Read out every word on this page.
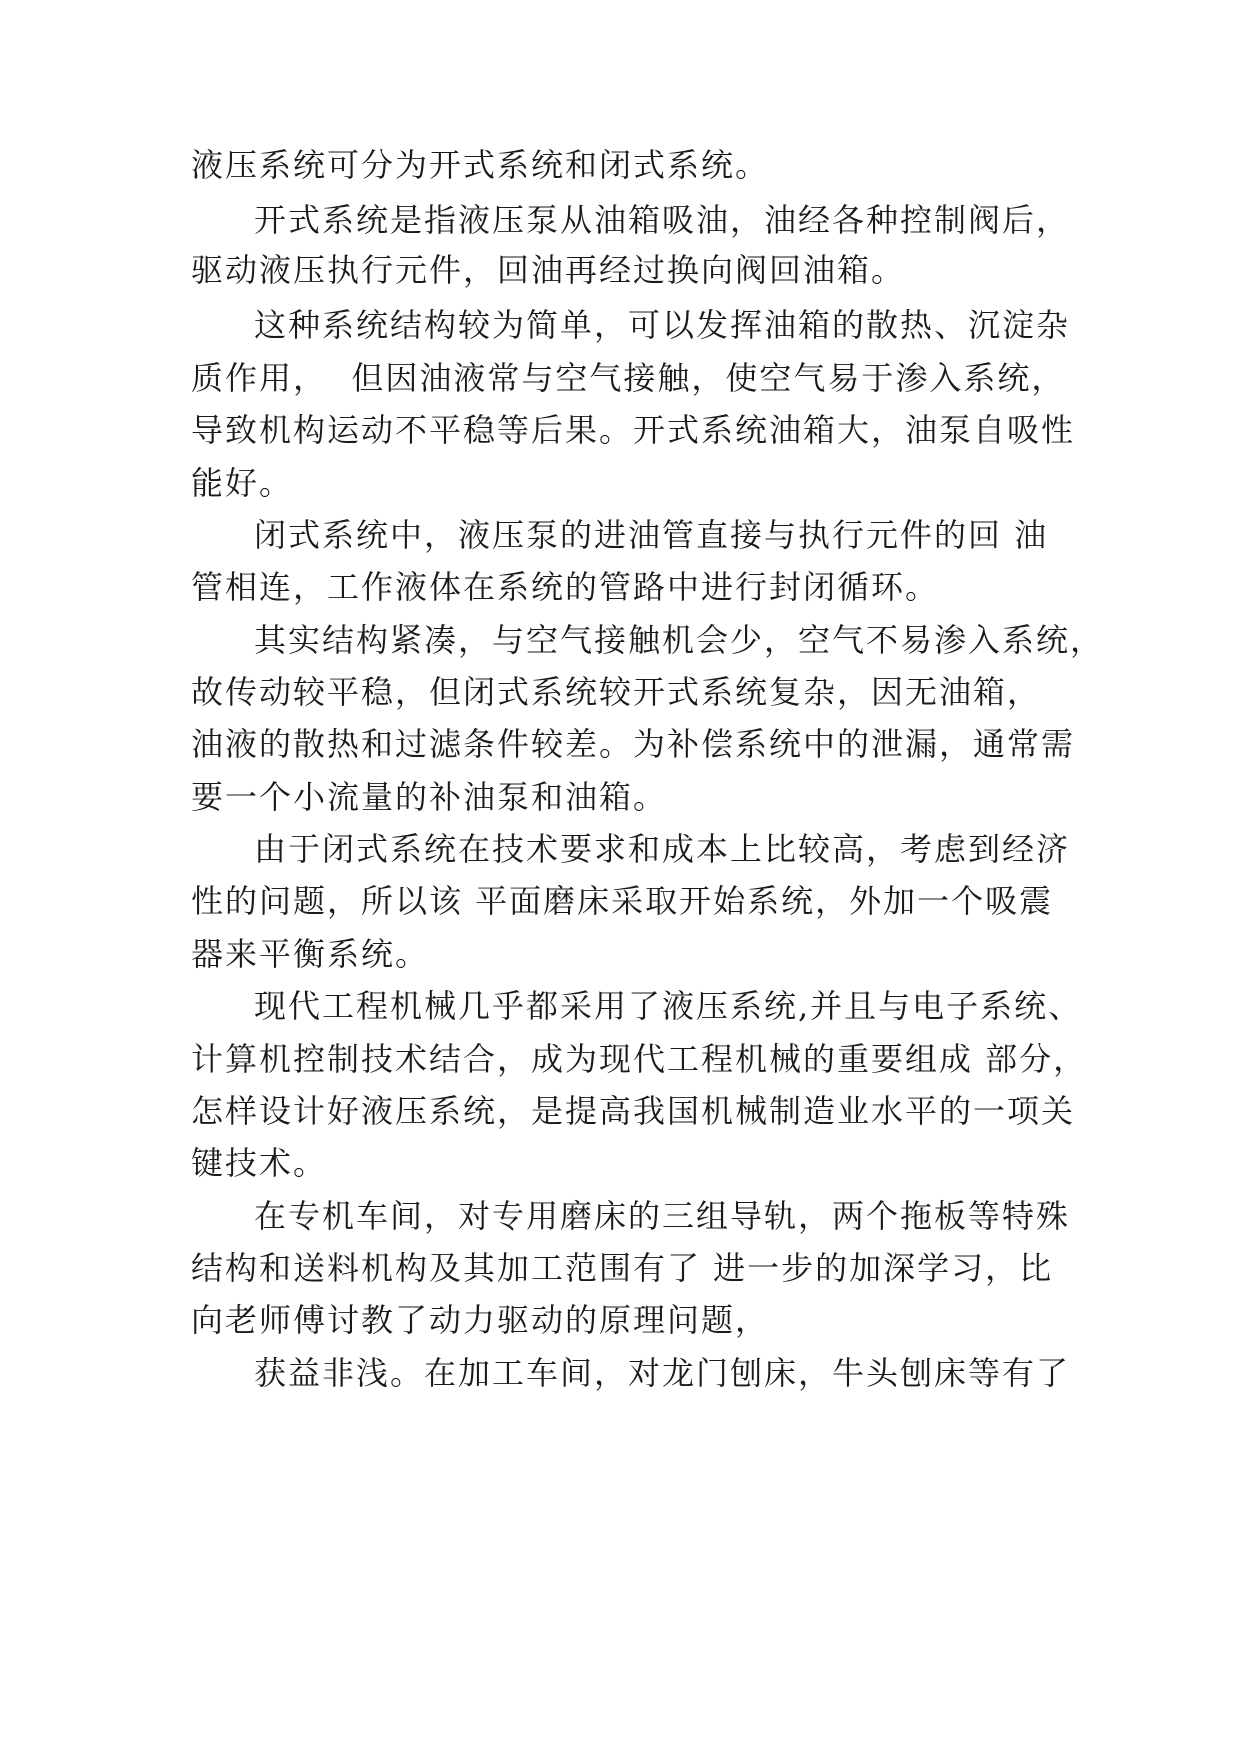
液压系统可分为开式系统和闭式系统。
开式系统是指液压泵从油箱吸油，油经各种控制阀后，
驱动液压执行元件，回油再经过换向阀回油箱。
这种系统结构较为简单，可以发挥油箱的散热、沉淀杂
质作用，  但因油液常与空气接触，使空气易于渗入系统，
导致机构运动不平稳等后果。开式系统油箱大，油泵自吸性
能好。
闭式系统中，液压泵的进油管直接与执行元件的回 油
管相连，工作液体在系统的管路中进行封闭循环。
其实结构紧凑，与空气接触机会少，空气不易渗入系统，
故传动较平稳，但闭式系统较开式系统复杂，因无油箱，
油液的散热和过滤条件较差。为补偿系统中的泄漏，通常需
要一个小流量的补油泵和油箱。
由于闭式系统在技术要求和成本上比较高，考虑到经济
性的问题，所以该 平面磨床采取开始系统，外加一个吸震
器来平衡系统。
现代工程机械几乎都采用了液压系统,并且与电子系统、
计算机控制技术结合，成为现代工程机械的重要组成 部分，
怎样设计好液压系统，是提高我国机械制造业水平的一项关
键技术。
在专机车间，对专用磨床的三组导轨，两个拖板等特殊
结构和送料机构及其加工范围有了 进一步的加深学习，比
向老师傅讨教了动力驱动的原理问题，
获益非浅。在加工车间，对龙门刨床，牛头刨床等有了
